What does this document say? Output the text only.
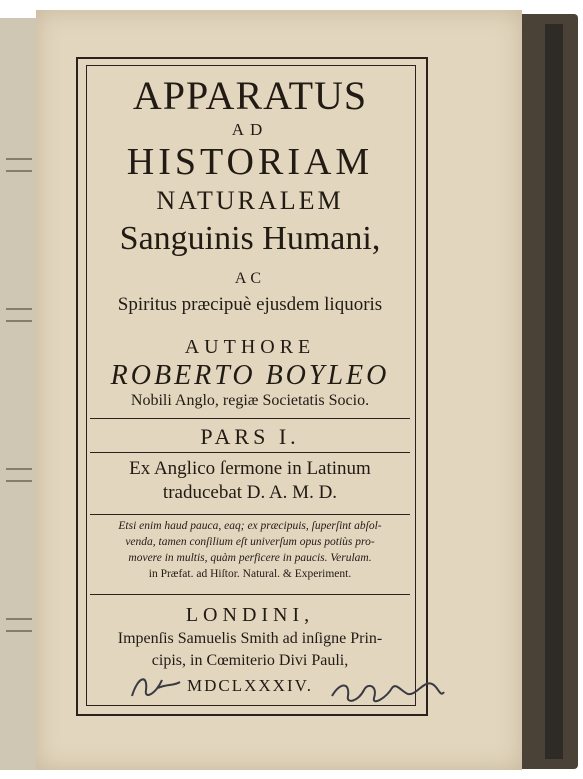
APPARATUS
AD
HISTORIAM
NATURALEM
Sanguinis Humani,
AC
Spiritus præcipuè ejusdem liquoris
AUTHORE
ROBERTO BOYLEO
Nobili Anglo, regiæ Societatis Socio.
PARS I.
Ex Anglico ſermone in Latinum
traducebat D. A. M. D.
Etsi enim haud pauca, eaq; ex præcipuis, ſuperſint abſol-
venda, tamen conſilium eſt univerſum opus potiùs pro-
movere in multis, quàm perficere in paucis. Verulam.
in Præfat. ad Hiſtor. Natural. & Experiment.
LONDINI,
Impenſis Samuelis Smith ad inſigne Prin-
cipis, in Cœmiterio Divi Pauli,
MDCLXXXIV.
